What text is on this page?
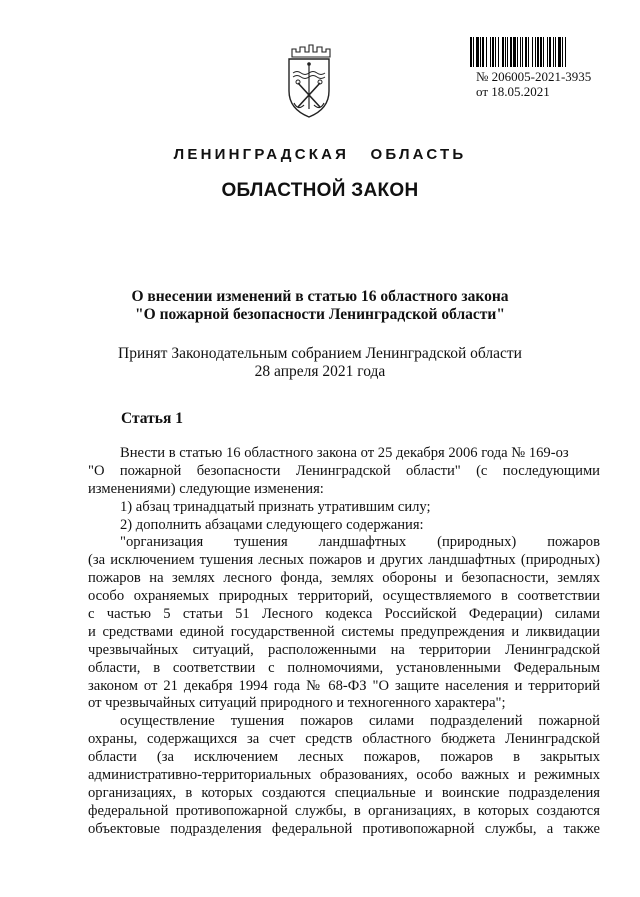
№ 206005-2021-3935
от 18.05.2021
ЛЕНИНГРАДСКАЯ ОБЛАСТЬ
ОБЛАСТНОЙ ЗАКОН
О внесении изменений в статью 16 областного закона
"О пожарной безопасности Ленинградской области"
Принят Законодательным собранием Ленинградской области
28 апреля 2021 года
Статья 1
Внести в статью 16 областного закона от 25 декабря 2006 года № 169-оз
"О пожарной безопасности Ленинградской области" (с последующими
изменениями) следующие изменения:
1) абзац тринадцатый признать утратившим силу;
2) дополнить абзацами следующего содержания:
"организация тушения ландшафтных (природных) пожаров
(за исключением тушения лесных пожаров и других ландшафтных (природных)
пожаров на землях лесного фонда, землях обороны и безопасности, землях
особо охраняемых природных территорий, осуществляемого в соответствии
с частью 5 статьи 51 Лесного кодекса Российской Федерации) силами
и средствами единой государственной системы предупреждения и ликвидации
чрезвычайных ситуаций, расположенными на территории Ленинградской
области, в соответствии с полномочиями, установленными Федеральным
законом от 21 декабря 1994 года № 68-ФЗ "О защите населения и территорий
от чрезвычайных ситуаций природного и техногенного характера";
осуществление тушения пожаров силами подразделений пожарной
охраны, содержащихся за счет средств областного бюджета Ленинградской
области (за исключением лесных пожаров, пожаров в закрытых
административно-территориальных образованиях, особо важных и режимных
организациях, в которых создаются специальные и воинские подразделения
федеральной противопожарной службы, в организациях, в которых создаются
объектовые подразделения федеральной противопожарной службы, а также
